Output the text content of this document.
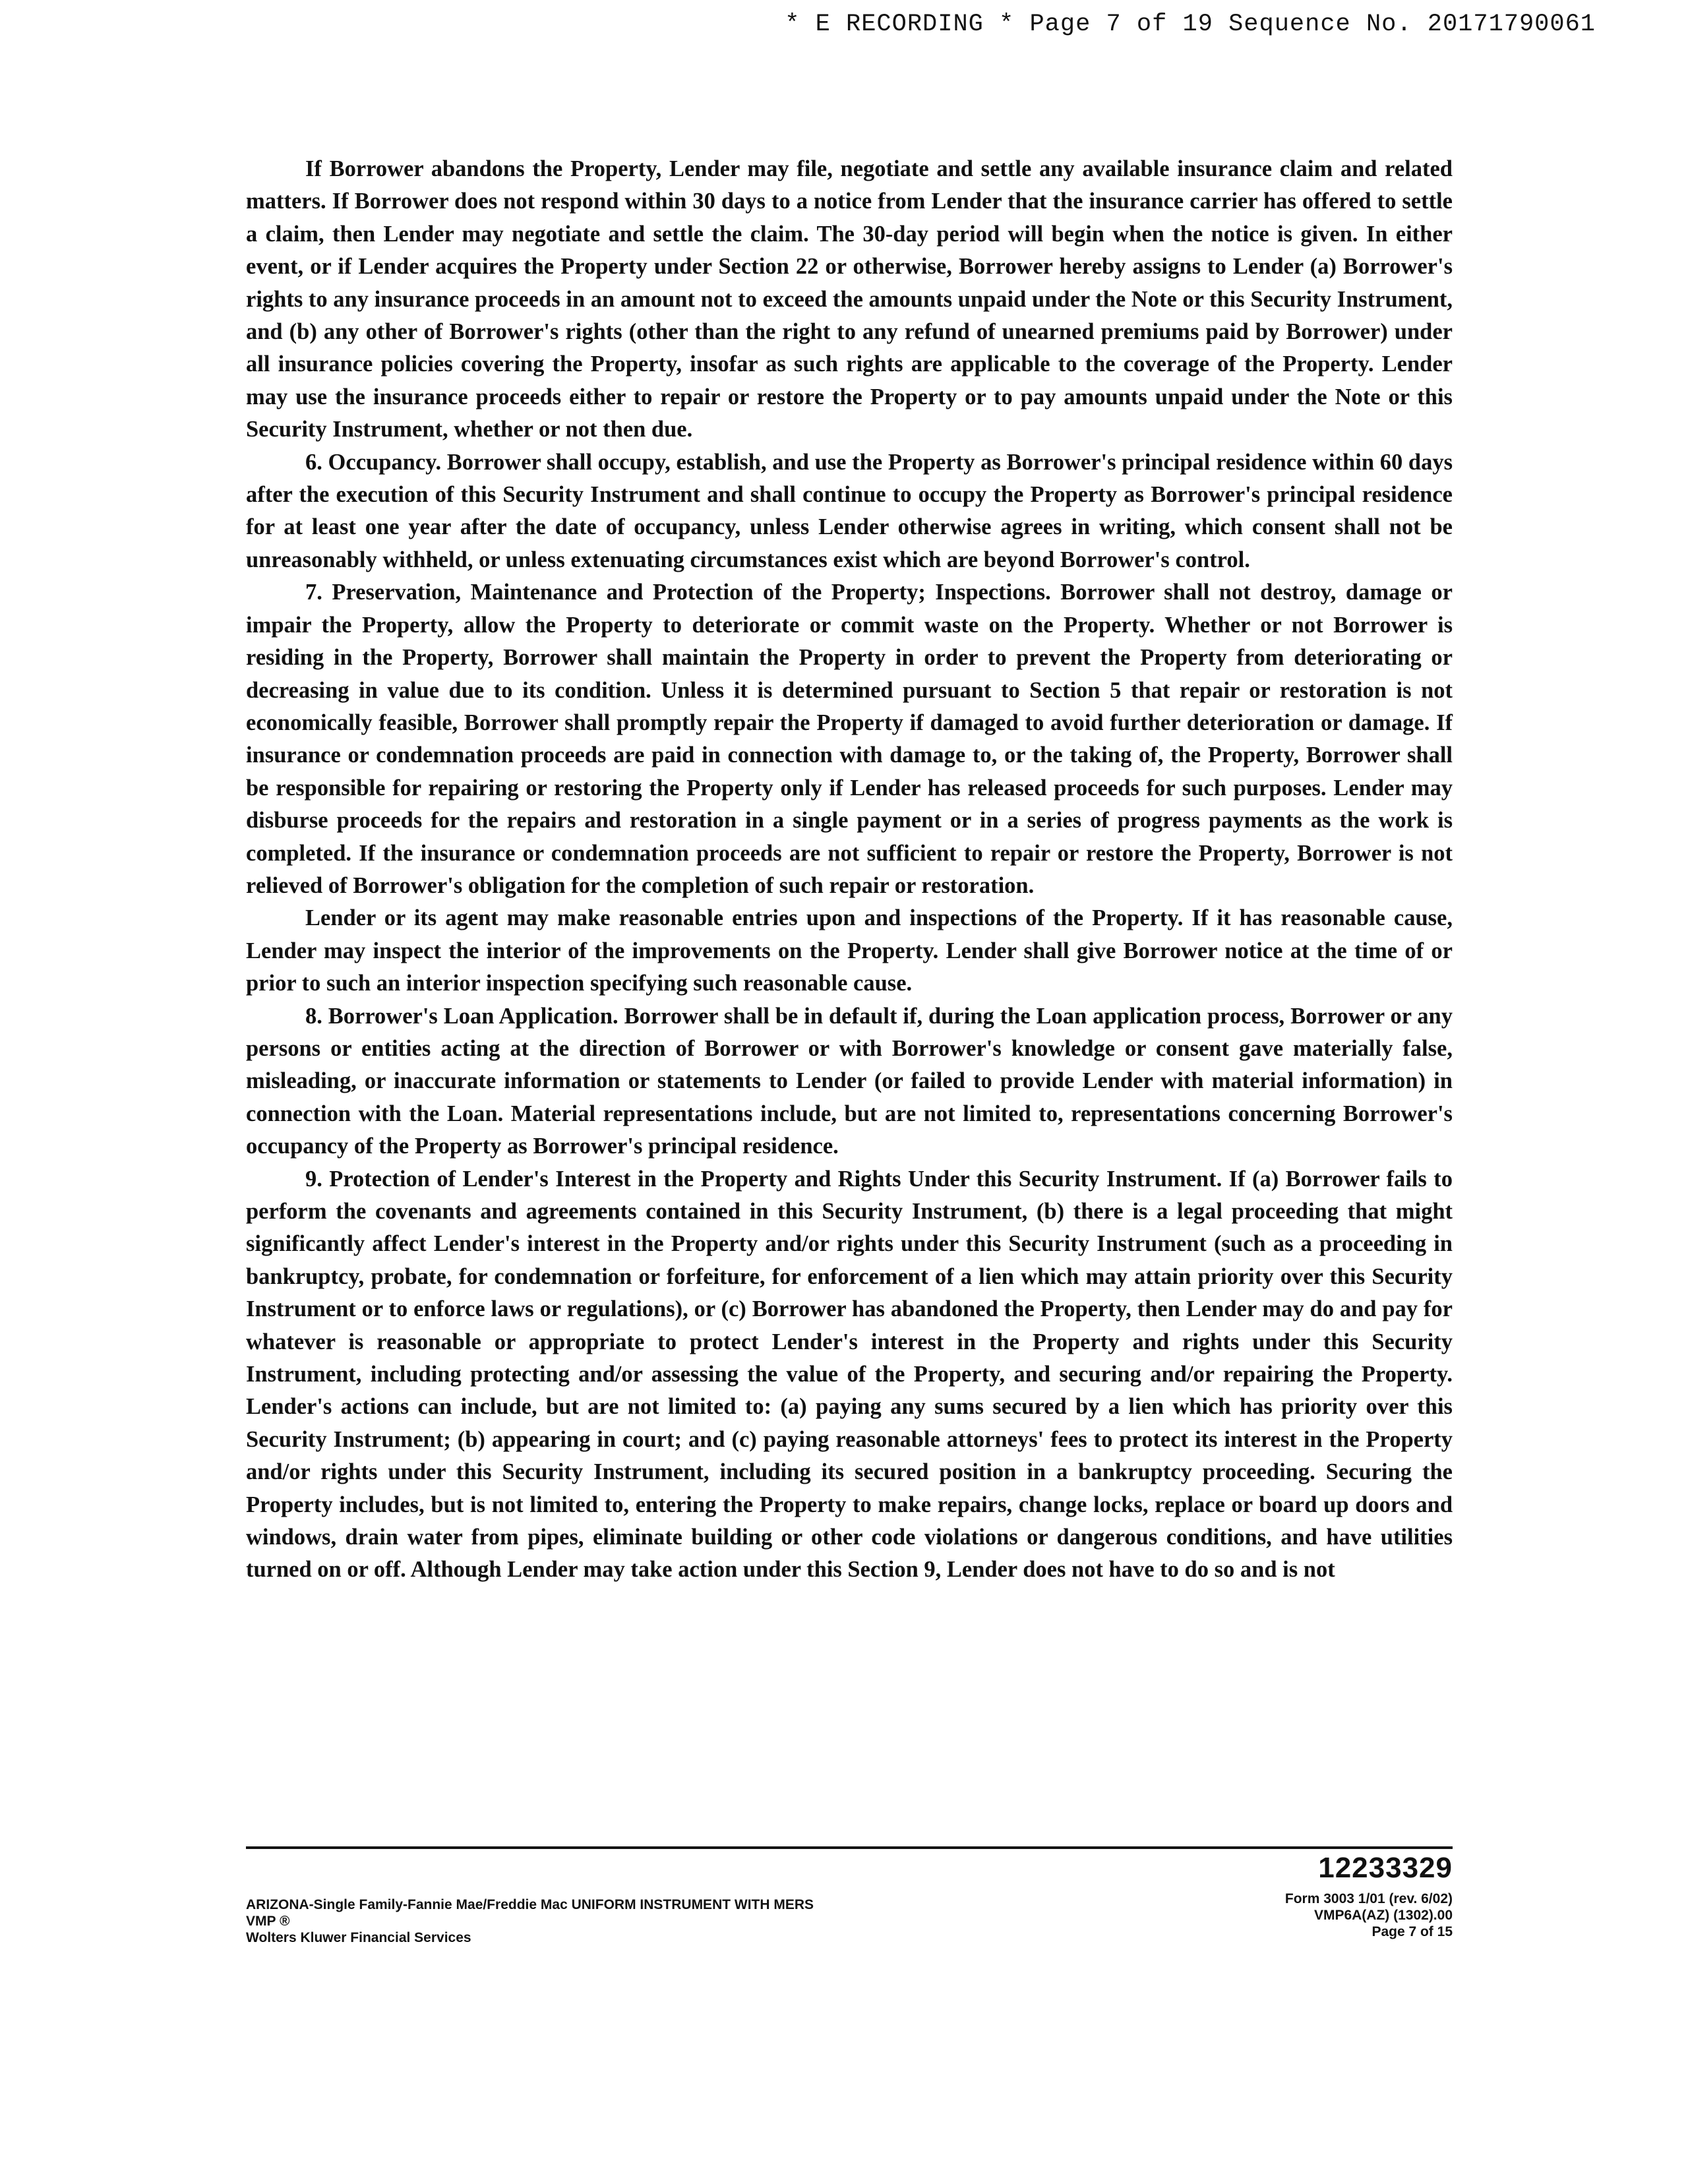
* E RECORDING * Page 7 of 19 Sequence No. 20171790061

If Borrower abandons the Property, Lender may file, negotiate and settle any available insurance claim and related matters. If Borrower does not respond within 30 days to a notice from Lender that the insurance carrier has offered to settle a claim, then Lender may negotiate and settle the claim. The 30-day period will begin when the notice is given. In either event, or if Lender acquires the Property under Section 22 or otherwise, Borrower hereby assigns to Lender (a) Borrower's rights to any insurance proceeds in an amount not to exceed the amounts unpaid under the Note or this Security Instrument, and (b) any other of Borrower's rights (other than the right to any refund of unearned premiums paid by Borrower) under all insurance policies covering the Property, insofar as such rights are applicable to the coverage of the Property. Lender may use the insurance proceeds either to repair or restore the Property or to pay amounts unpaid under the Note or this Security Instrument, whether or not then due.

6. Occupancy. Borrower shall occupy, establish, and use the Property as Borrower's principal residence within 60 days after the execution of this Security Instrument and shall continue to occupy the Property as Borrower's principal residence for at least one year after the date of occupancy, unless Lender otherwise agrees in writing, which consent shall not be unreasonably withheld, or unless extenuating circumstances exist which are beyond Borrower's control.

7. Preservation, Maintenance and Protection of the Property; Inspections. Borrower shall not destroy, damage or impair the Property, allow the Property to deteriorate or commit waste on the Property. Whether or not Borrower is residing in the Property, Borrower shall maintain the Property in order to prevent the Property from deteriorating or decreasing in value due to its condition. Unless it is determined pursuant to Section 5 that repair or restoration is not economically feasible, Borrower shall promptly repair the Property if damaged to avoid further deterioration or damage. If insurance or condemnation proceeds are paid in connection with damage to, or the taking of, the Property, Borrower shall be responsible for repairing or restoring the Property only if Lender has released proceeds for such purposes. Lender may disburse proceeds for the repairs and restoration in a single payment or in a series of progress payments as the work is completed. If the insurance or condemnation proceeds are not sufficient to repair or restore the Property, Borrower is not relieved of Borrower's obligation for the completion of such repair or restoration.

Lender or its agent may make reasonable entries upon and inspections of the Property. If it has reasonable cause, Lender may inspect the interior of the improvements on the Property. Lender shall give Borrower notice at the time of or prior to such an interior inspection specifying such reasonable cause.

8. Borrower's Loan Application. Borrower shall be in default if, during the Loan application process, Borrower or any persons or entities acting at the direction of Borrower or with Borrower's knowledge or consent gave materially false, misleading, or inaccurate information or statements to Lender (or failed to provide Lender with material information) in connection with the Loan. Material representations include, but are not limited to, representations concerning Borrower's occupancy of the Property as Borrower's principal residence.

9. Protection of Lender's Interest in the Property and Rights Under this Security Instrument. If (a) Borrower fails to perform the covenants and agreements contained in this Security Instrument, (b) there is a legal proceeding that might significantly affect Lender's interest in the Property and/or rights under this Security Instrument (such as a proceeding in bankruptcy, probate, for condemnation or forfeiture, for enforcement of a lien which may attain priority over this Security Instrument or to enforce laws or regulations), or (c) Borrower has abandoned the Property, then Lender may do and pay for whatever is reasonable or appropriate to protect Lender's interest in the Property and rights under this Security Instrument, including protecting and/or assessing the value of the Property, and securing and/or repairing the Property. Lender's actions can include, but are not limited to: (a) paying any sums secured by a lien which has priority over this Security Instrument; (b) appearing in court; and (c) paying reasonable attorneys' fees to protect its interest in the Property and/or rights under this Security Instrument, including its secured position in a bankruptcy proceeding. Securing the Property includes, but is not limited to, entering the Property to make repairs, change locks, replace or board up doors and windows, drain water from pipes, eliminate building or other code violations or dangerous conditions, and have utilities turned on or off. Although Lender may take action under this Section 9, Lender does not have to do so and is not

12233329
ARIZONA-Single Family-Fannie Mae/Freddie Mac UNIFORM INSTRUMENT WITH MERS
VMP ®
Wolters Kluwer Financial Services
Form 3003 1/01 (rev. 6/02)
VMP6A(AZ) (1302).00
Page 7 of 15
